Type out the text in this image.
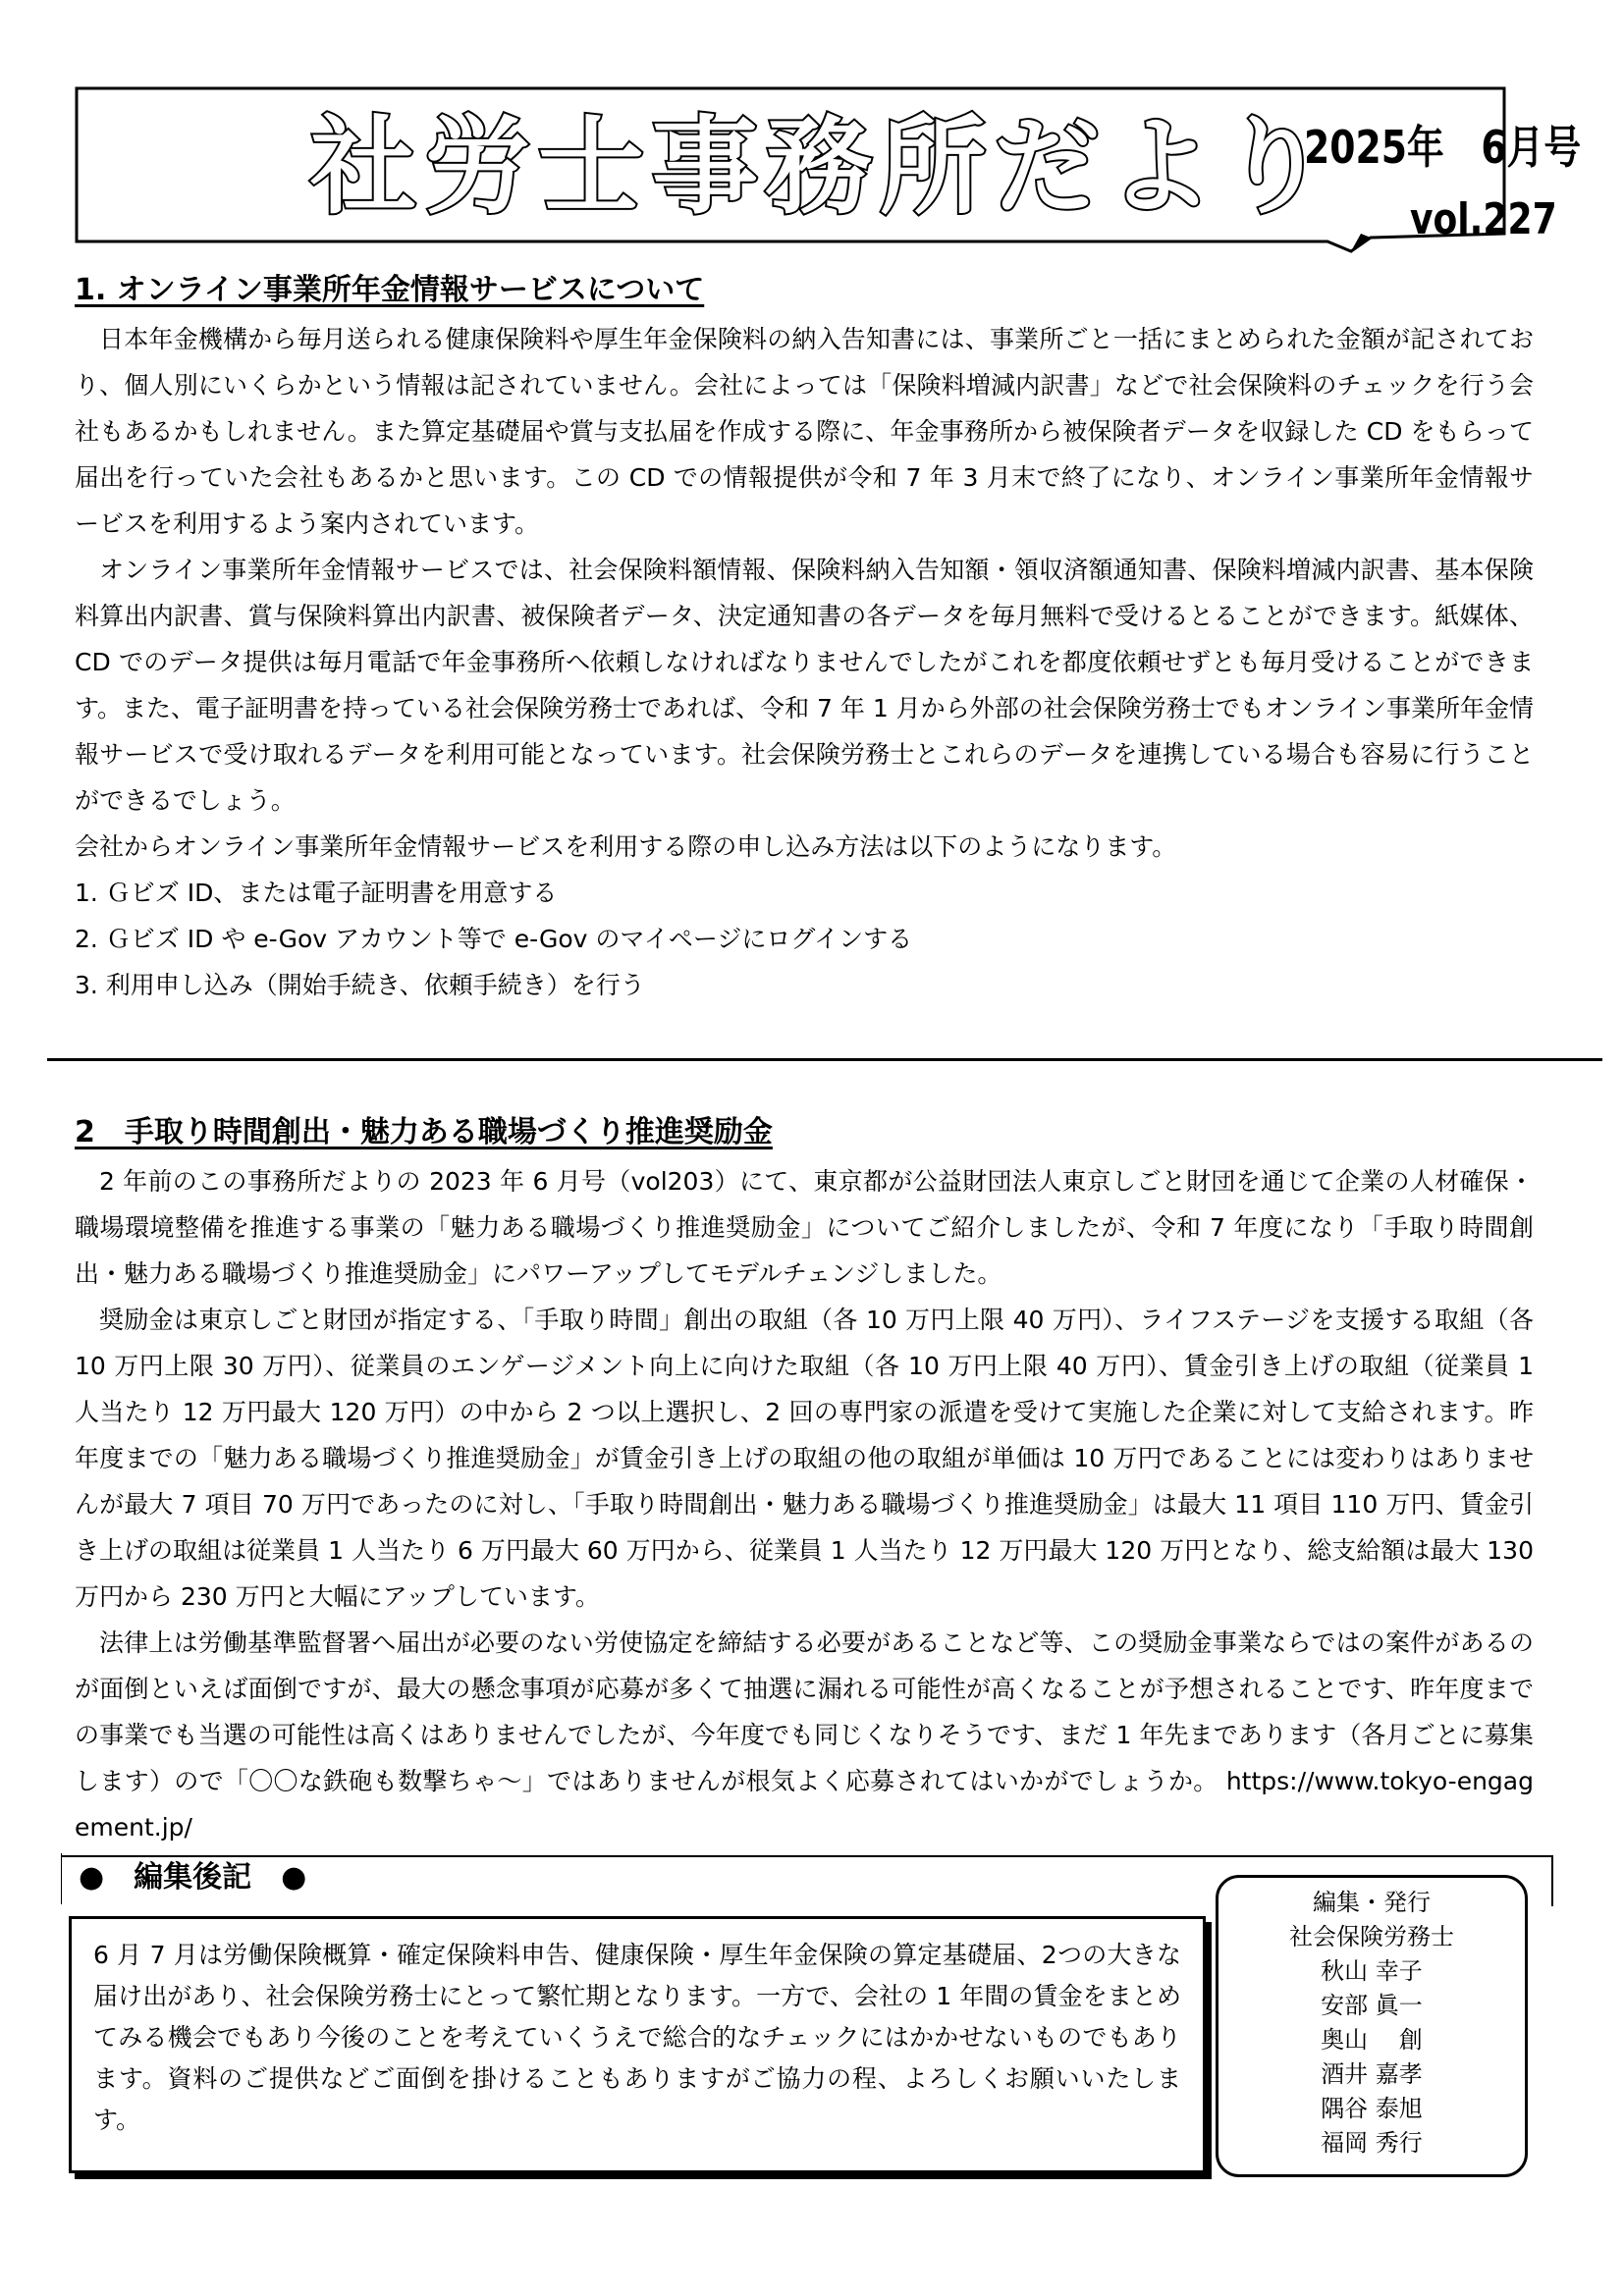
社労士事務所だより
2025年　6月号
vol.227

1. オンライン事業所年金情報サービスについて

日本年金機構から毎月送られる健康保険料や厚生年金保険料の納入告知書には、事業所ごと一括にまとめられた金額が記されており、個人別にいくらかという情報は記されていません。会社によっては「保険料増減内訳書」などで社会保険料のチェックを行う会社もあるかもしれません。また算定基礎届や賞与支払届を作成する際に、年金事務所から被保険者データを収録した CD をもらって届出を行っていた会社もあるかと思います。この CD での情報提供が令和 7 年 3 月末で終了になり、オンライン事業所年金情報サービスを利用するよう案内されています。

オンライン事業所年金情報サービスでは、社会保険料額情報、保険料納入告知額・領収済額通知書、保険料増減内訳書、基本保険料算出内訳書、賞与保険料算出内訳書、被保険者データ、決定通知書の各データを毎月無料で受けるとることができます。紙媒体、CD でのデータ提供は毎月電話で年金事務所へ依頼しなければなりませんでしたがこれを都度依頼せずとも毎月受けることができます。また、電子証明書を持っている社会保険労務士であれば、令和 7 年 1 月から外部の社会保険労務士でもオンライン事業所年金情報サービスで受け取れるデータを利用可能となっています。社会保険労務士とこれらのデータを連携している場合も容易に行うことができるでしょう。

会社からオンライン事業所年金情報サービスを利用する際の申し込み方法は以下のようになります。

1. Ｇビズ ID、または電子証明書を用意する

2. Ｇビズ ID や e-Gov アカウント等で e-Gov のマイページにログインする

3. 利用申し込み（開始手続き、依頼手続き）を行う

2　手取り時間創出・魅力ある職場づくり推進奨励金

2 年前のこの事務所だよりの 2023 年 6 月号（vol203）にて、東京都が公益財団法人東京しごと財団を通じて企業の人材確保・職場環境整備を推進する事業の「魅力ある職場づくり推進奨励金」についてご紹介しましたが、令和 7 年度になり「手取り時間創出・魅力ある職場づくり推進奨励金」にパワーアップしてモデルチェンジしました。

奨励金は東京しごと財団が指定する、「手取り時間」創出の取組（各 10 万円上限 40 万円）、ライフステージを支援する取組（各 10 万円上限 30 万円）、従業員のエンゲージメント向上に向けた取組（各 10 万円上限 40 万円）、賃金引き上げの取組（従業員 1 人当たり 12 万円最大 120 万円）の中から 2 つ以上選択し、2 回の専門家の派遣を受けて実施した企業に対して支給されます。昨年度までの「魅力ある職場づくり推進奨励金」が賃金引き上げの取組の他の取組が単価は 10 万円であることには変わりはありませんが最大 7 項目 70 万円であったのに対し、「手取り時間創出・魅力ある職場づくり推進奨励金」は最大 11 項目 110 万円、賃金引き上げの取組は従業員 1 人当たり 6 万円最大 60 万円から、従業員 1 人当たり 12 万円最大 120 万円となり、総支給額は最大 130 万円から 230 万円と大幅にアップしています。

法律上は労働基準監督署へ届出が必要のない労使協定を締結する必要があることなど等、この奨励金事業ならではの案件があるのが面倒といえば面倒ですが、最大の懸念事項が応募が多くて抽選に漏れる可能性が高くなることが予想されることです、昨年度までの事業でも当選の可能性は高くはありませんでしたが、今年度でも同じくなりそうです、まだ 1 年先まであります（各月ごとに募集します）ので「〇〇な鉄砲も数撃ちゃ～」ではありませんが根気よく応募されてはいかがでしょうか。 https://www.tokyo-engagement.jp/

●　編集後記　●

6 月 7 月は労働保険概算・確定保険料申告、健康保険・厚生年金保険の算定基礎届、2つの大きな届け出があり、社会保険労務士にとって繁忙期となります。一方で、会社の 1 年間の賃金をまとめてみる機会でもあり今後のことを考えていくうえで総合的なチェックにはかかせないものでもあります。資料のご提供などご面倒を掛けることもありますがご協力の程、よろしくお願いいたします。

編集・発行
社会保険労務士
秋山 幸子
安部 眞一
奥山　 創
酒井 嘉孝
隅谷 泰旭
福岡 秀行
